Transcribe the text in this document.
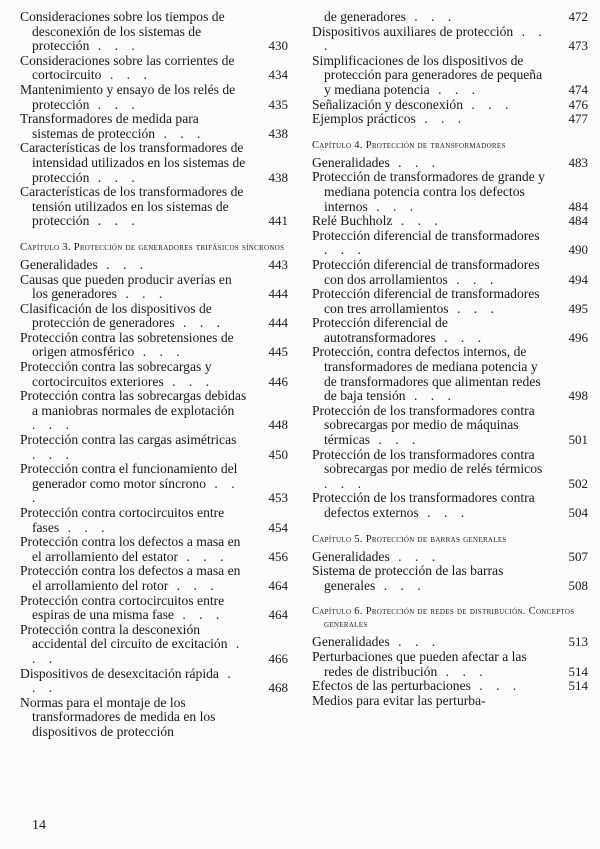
Consideraciones sobre los tiempos de desconexión de los sistemas de protección . . .	430
Consideraciones sobre las corrientes de cortocircuito . . .	434
Mantenimiento y ensayo de los relés de protección . . .	435
Transformadores de medida para sistemas de protección . . .	438
Características de los transformadores de intensidad utilizados en los sistemas de protección . . .	438
Características de los transformadores de tensión utilizados en los sistemas de protección . . .	441
Capítulo 3. Protección de generadores trifásicos síncronos
Generalidades . . .	443
Causas que pueden producir averías en los generadores . . .	444
Clasificación de los dispositivos de protección de generadores . . .	444
Protección contra las sobretensiones de origen atmosférico . . .	445
Protección contra las sobrecargas y cortocircuitos exteriores . . .	446
Protección contra las sobrecargas debidas a maniobras normales de explotación . . .	448
Protección contra las cargas asimétricas . . .	450
Protección contra el funcionamiento del generador como motor síncrono . . .	453
Protección contra cortocircuitos entre fases . . .	454
Protección contra los defectos a masa en el arrollamiento del estator . . .	456
Protección contra los defectos a masa en el arrollamiento del rotor . . .	464
Protección contra cortocircuitos entre espiras de una misma fase . . .	464
Protección contra la desconexión accidental del circuito de excitación . . .	466
Dispositivos de desexcitación rápida . . .	468
Normas para el montaje de los transformadores de medida en los dispositivos de protección
de generadores . . .	472
Dispositivos auxiliares de protección . . .	473
Simplificaciones de los dispositivos de protección para generadores de pequeña y mediana potencia . . .	474
Señalización y desconexión . . .	476
Ejemplos prácticos . . .	477
Capítulo 4. Protección de transformadores
Generalidades . . .	483
Protección de transformadores de grande y mediana potencia contra los defectos internos . . .	484
Relé Buchholz . . .	484
Protección diferencial de transformadores . . .	490
Protección diferencial de transformadores con dos arrollamientos . . .	494
Protección diferencial de transformadores con tres arrollamientos . . .	495
Protección diferencial de autotransformadores . . .	496
Protección, contra defectos internos, de transformadores de mediana potencia y de transformadores que alimentan redes de baja tensión . . .	498
Protección de los transformadores contra sobrecargas por medio de máquinas térmicas . . .	501
Protección de los transformadores contra sobrecargas por medio de relés térmicos . . .	502
Protección de los transformadores contra defectos externos . . .	504
Capítulo 5. Protección de barras generales
Generalidades . . .	507
Sistema de protección de las barras generales . . .	508
Capítulo 6. Protección de redes de distribución. Conceptos generales
Generalidades . . .	513
Perturbaciones que pueden afectar a las redes de distribución . . .	514
Efectos de las perturbaciones . . .	514
Medios para evitar las perturba-
14
